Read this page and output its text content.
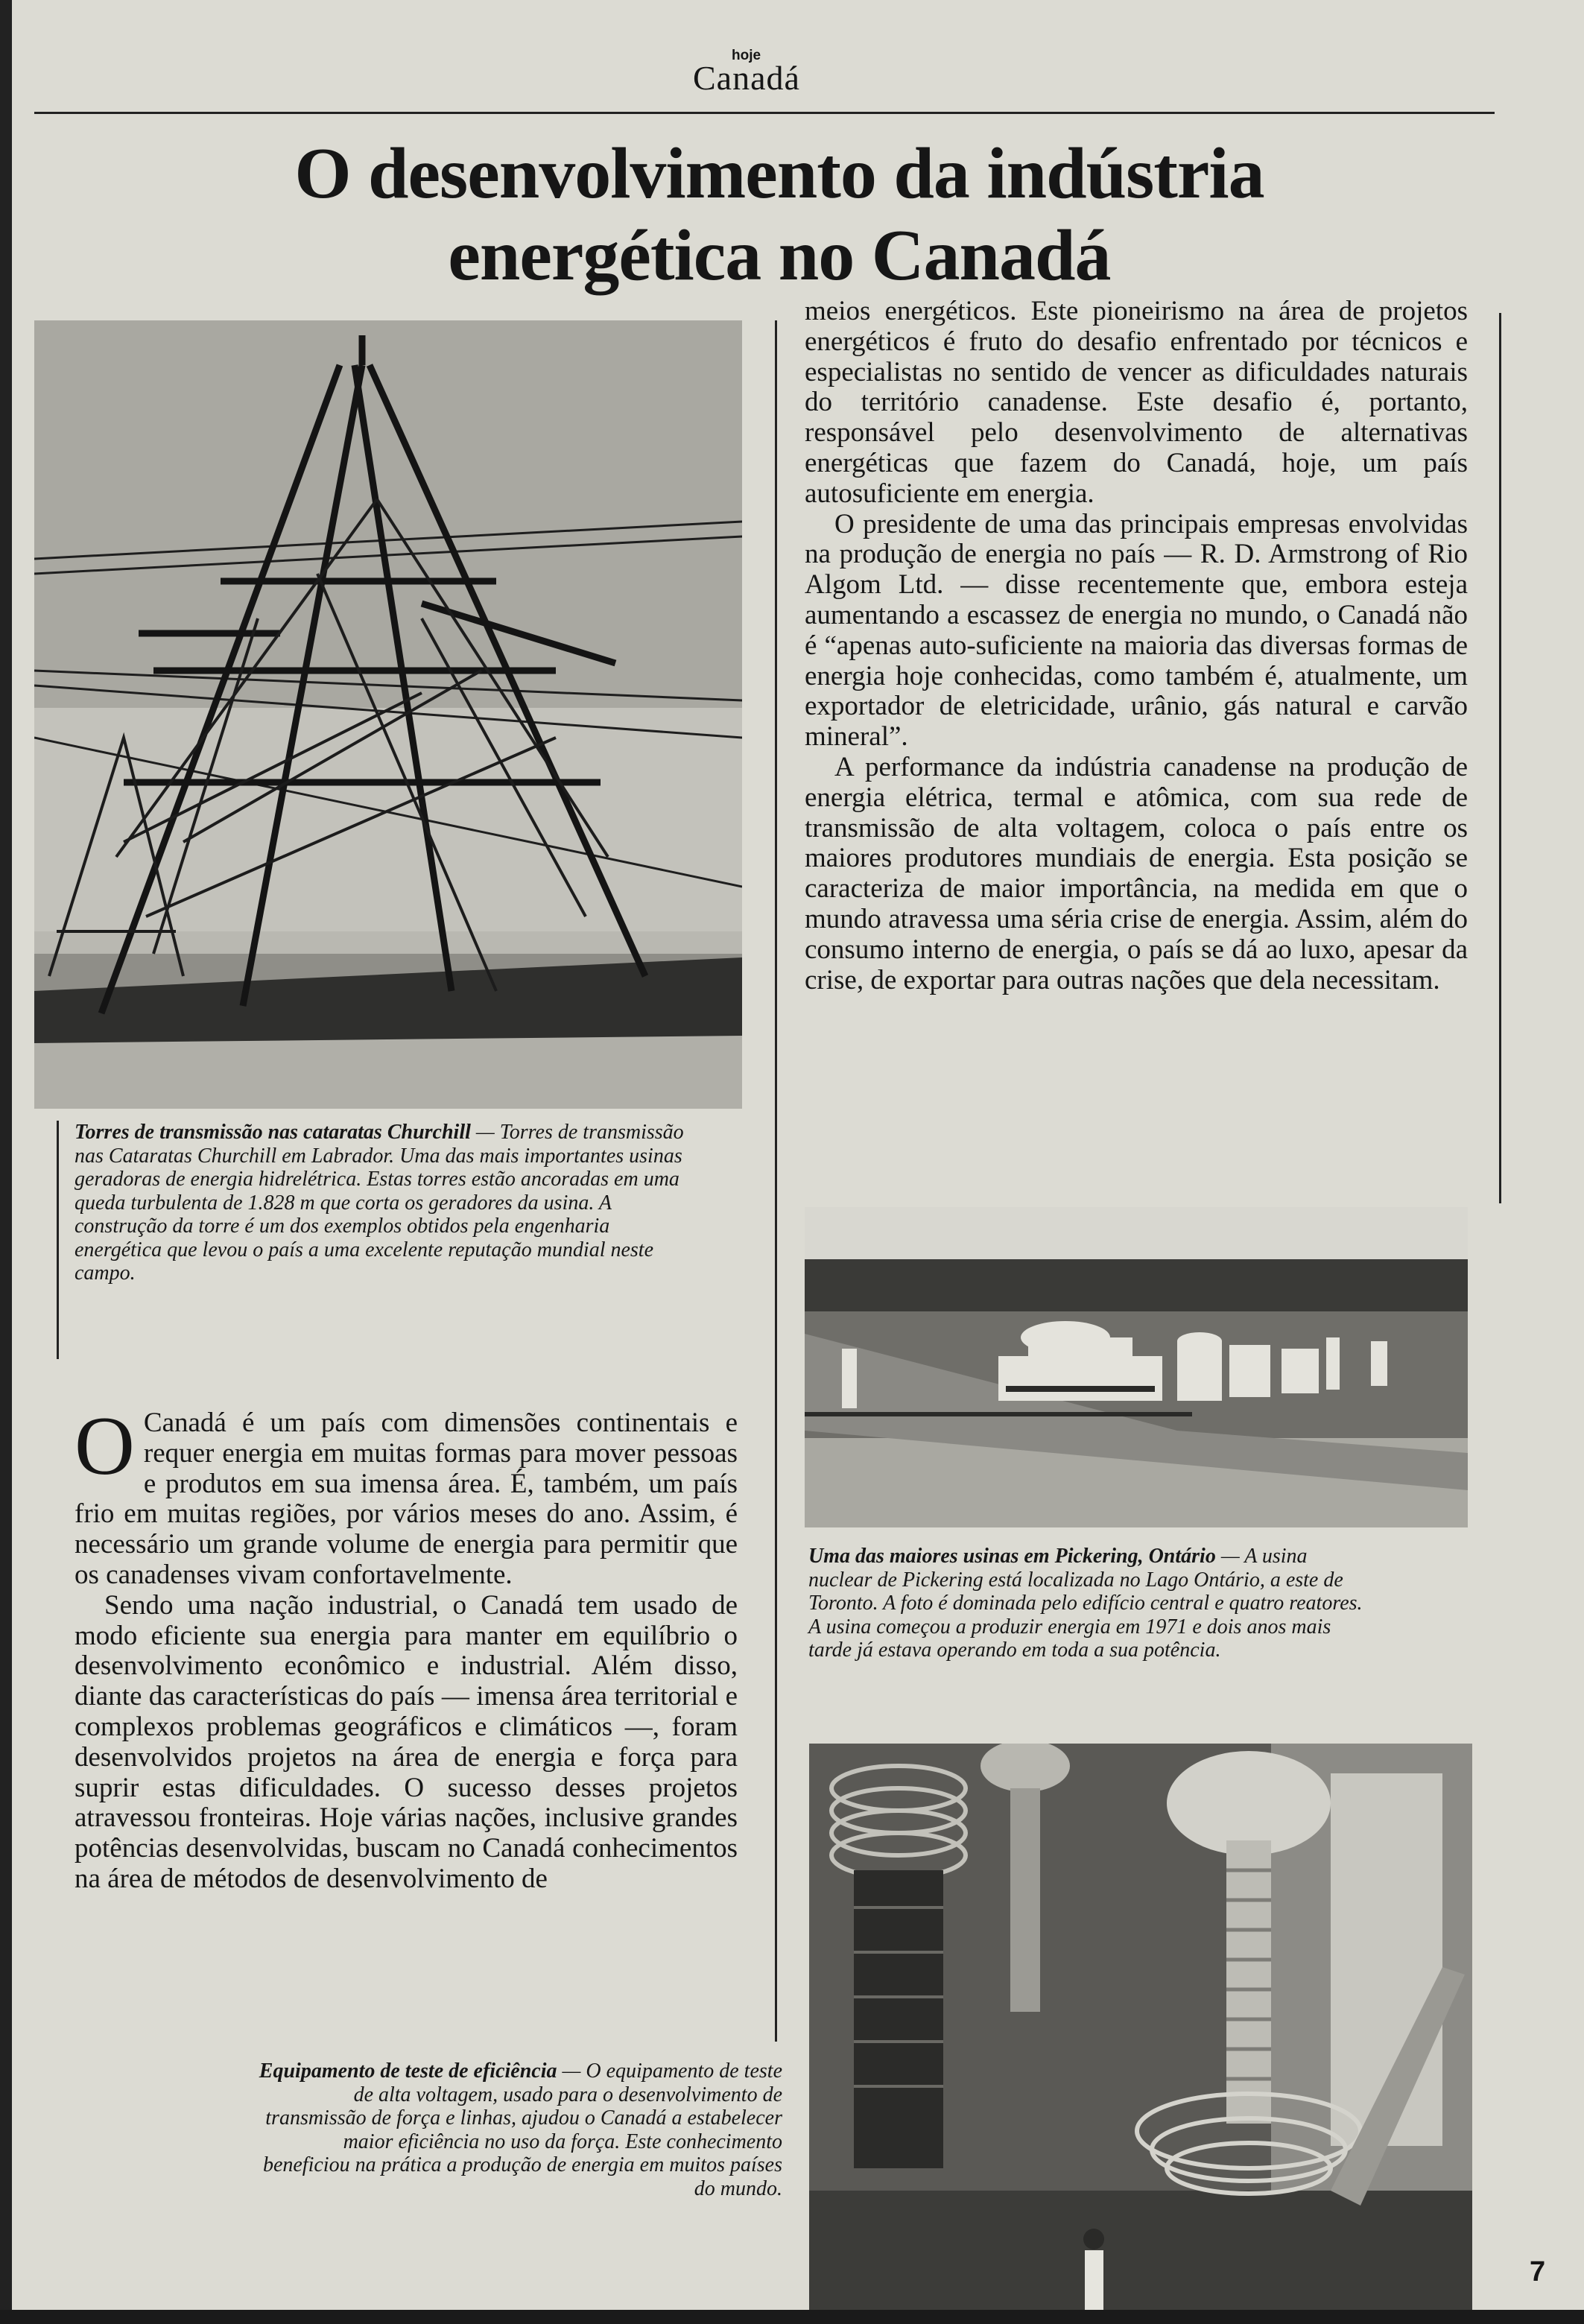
hoje
Canadá
O desenvolvimento da indústria
energética no Canadá
Torres de transmissão nas cataratas Churchill — Torres de transmissão nas Cataratas Churchill em Labrador. Uma das mais importantes usinas geradoras de energia hidrelétrica. Estas torres estão ancoradas em uma queda turbulenta de 1.828 m que corta os geradores da usina. A construção da torre é um dos exemplos obtidos pela engenharia energética que levou o país a uma excelente reputação mundial neste campo.

O Canadá é um país com dimensões continentais e requer energia em muitas formas para mover pessoas e produtos em sua imensa área. É, também, um país frio em muitas regiões, por vários meses do ano. Assim, é necessário um grande volume de energia para permitir que os canadenses vivam confortavelmente.

Sendo uma nação industrial, o Canadá tem usado de modo eficiente sua energia para manter em equilíbrio o desenvolvimento econômico e industrial. Além disso, diante das características do país — imensa área territorial e complexos problemas geográficos e climáticos —, foram desenvolvidos projetos na área de energia e força para suprir estas dificuldades. O sucesso desses projetos atravessou fronteiras. Hoje várias nações, inclusive grandes potências desenvolvidas, buscam no Canadá conhecimentos na área de métodos de desenvolvimento de

meios energéticos. Este pioneirismo na área de projetos energéticos é fruto do desafio enfrentado por técnicos e especialistas no sentido de vencer as dificuldades naturais do território canadense. Este desafio é, portanto, responsável pelo desenvolvimento de alternativas energéticas que fazem do Canadá, hoje, um país autosuficiente em energia.

O presidente de uma das principais empresas envolvidas na produção de energia no país — R. D. Armstrong of Rio Algom Ltd. — disse recentemente que, embora esteja aumentando a escassez de energia no mundo, o Canadá não é “apenas auto-suficiente na maioria das diversas formas de energia hoje conhecidas, como também é, atualmente, um exportador de eletricidade, urânio, gás natural e carvão mineral”.

A performance da indústria canadense na produção de energia elétrica, termal e atômica, com sua rede de transmissão de alta voltagem, coloca o país entre os maiores produtores mundiais de energia. Esta posição se caracteriza de maior importância, na medida em que o mundo atravessa uma séria crise de energia. Assim, além do consumo interno de energia, o país se dá ao luxo, apesar da crise, de exportar para outras nações que dela necessitam.

Uma das maiores usinas em Pickering, Ontário — A usina nuclear de Pickering está localizada no Lago Ontário, a este de Toronto. A foto é dominada pelo edifício central e quatro reatores. A usina começou a produzir energia em 1971 e dois anos mais tarde já estava operando em toda a sua potência.
Equipamento de teste de eficiência — O equipamento de teste de alta voltagem, usado para o desenvolvimento de transmissão de força e linhas, ajudou o Canadá a estabelecer maior eficiência no uso da força. Este conhecimento beneficiou na prática a produção de energia em muitos países do mundo.
7
